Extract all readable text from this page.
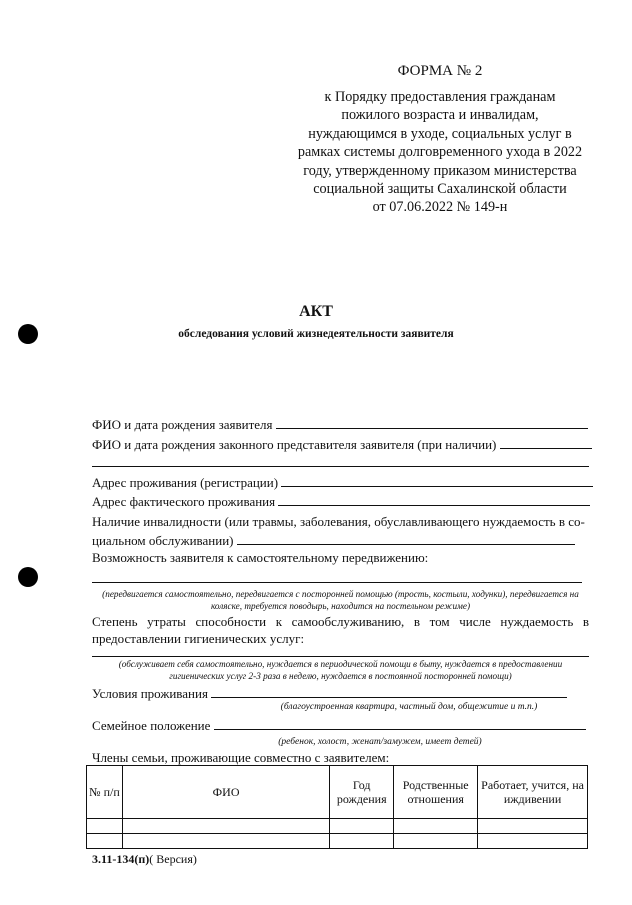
ФОРМА № 2
к Порядку предоставления гражданам
пожилого возраста и инвалидам,
нуждающимся в уходе, социальных услуг в
рамках системы долговременного ухода в 2022
году, утвержденному приказом министерства
социальной защиты Сахалинской области
от 07.06.2022 № 149-н
АКТ
обследования условий жизнедеятельности заявителя
ФИО и дата рождения заявителя
ФИО и дата рождения законного представителя заявителя (при наличии)
Адрес проживания (регистрации)
Адрес фактического проживания
Наличие инвалидности (или травмы, заболевания, обуславливающего нуждаемость в со-
циальном обслуживании)
Возможность заявителя к самостоятельному передвижению:
(передвигается самостоятельно, передвигается с посторонней помощью (трость, костыли, ходунки), передвигается на коляске, требуется поводырь, находится на постельном режиме)
Степень утраты способности к самообслуживанию, в том числе нуждаемость в предоставлении гигиенических услуг:
(обслуживает себя самостоятельно, нуждается в периодической помощи в быту, нуждается в предоставлении гигиенических услуг 2-3 раза в неделю, нуждается в постоянной посторонней помощи)
Условия проживания
(благоустроенная квартира, частный дом, общежитие и т.п.)
Семейное положение
(ребенок, холост, женат/замужем, имеет детей)
Члены семьи, проживающие совместно с заявителем:
№ п/п	ФИО	Год рождения	Родственные отношения	Работает, учится, на иждивении

3.11-134(п)( Версия)
